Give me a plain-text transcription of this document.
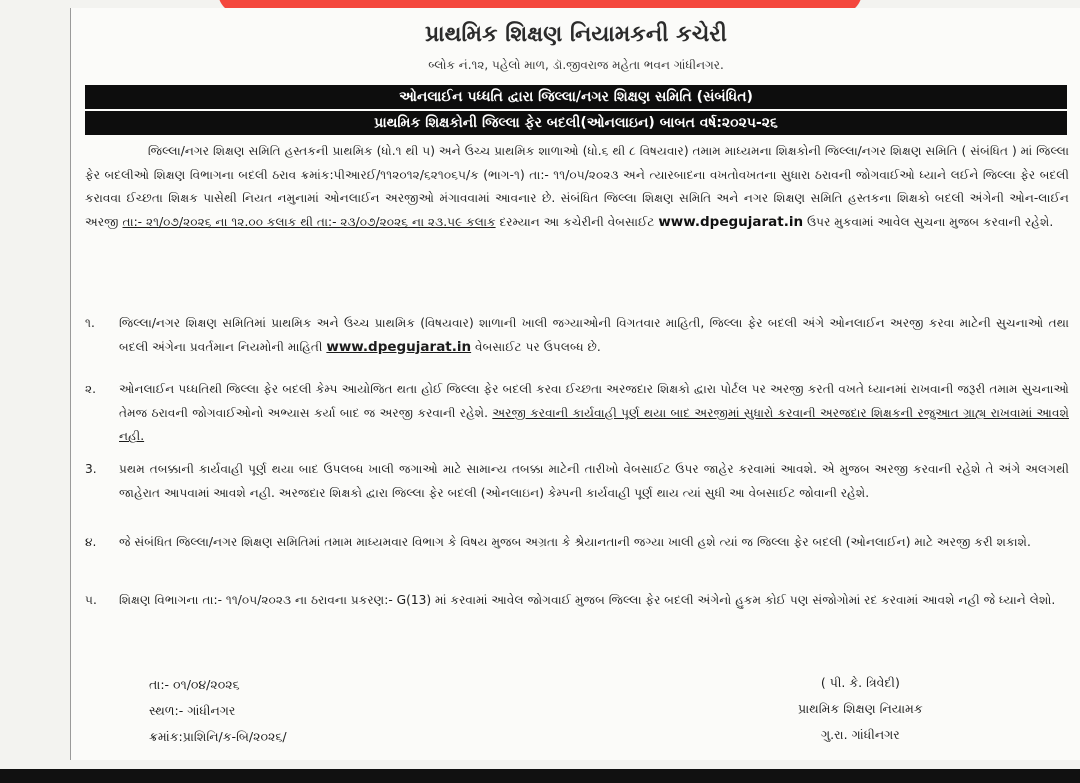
પ્રાથમિક શિક્ષણ નિયામકની કચેરી
બ્લોક નં.૧૨, પહેલો માળ, ડૉ.જીવરાજ મહેતા ભવન ગાંધીનગર.
ઓનલાઈન પધ્ધતિ દ્વારા જિલ્લા/નગર શિક્ષણ સમિતિ (સંબંધિત)
પ્રાથમિક શિક્ષકોની જિલ્લા ફેર બદલી(ઓનલાઇન) બાબત વર્ષ:૨૦૨૫-૨૬
જિલ્લા/નગર શિક્ષણ સમિતિ હસ્તકની પ્રાથમિક (ધો.૧ થી ૫) અને ઉચ્ચ પ્રાથમિક શાળાઓ (ધો.૬ થી ૮ વિષયવાર) તમામ માધ્યમના શિક્ષકોની જિલ્લા/નગર શિક્ષણ સમિતિ ( સંબંધિત ) માં જિલ્લા ફેર બદલીઓ શિક્ષણ વિભાગના બદલી ઠરાવ ક્રમાંક:પીઆરઈ/૧૧૨૦૧૨/૬૨૧૦૬૫/ક (ભાગ-૧) તા:- ૧૧/૦૫/૨૦૨૩ અને ત્યારબાદના વખતોવખતના સુધારા ઠરાવની જોગવાઈઓ ધ્યાને લઈને જિલ્લા ફેર બદલી કરાવવા ઈચ્છતા શિક્ષક પાસેથી નિયત નમુનામાં ઓનલાઈન અરજીઓ મંગાવવામાં આવનાર છે. સંબંધિત જિલ્લા શિક્ષણ સમિતિ અને નગર શિક્ષણ સમિતિ હસ્તકના શિક્ષકો બદલી અંગેની ઓન-લાઈન અરજી તા:- ૨૧/૦૭/૨૦૨૬ ના ૧૨.૦૦ કલાક થી તા:- ૨૩/૦૭/૨૦૨૬ ના ૨૩.૫૯ કલાક દરમ્યાન આ કચેરીની વેબસાઈટ www.dpegujarat.in ઉપર મુકવામાં આવેલ સુચના મુજબ કરવાની રહેશે.
૧.	જિલ્લા/નગર શિક્ષણ સમિતિમાં પ્રાથમિક અને ઉચ્ચ પ્રાથમિક (વિષયવાર) શાળાની ખાલી જગ્યાઓની વિગતવાર માહિતી, જિલ્લા ફેર બદલી અંગે ઓનલાઈન અરજી કરવા માટેની સુચનાઓ તથા બદલી અંગેના પ્રવર્તમાન નિયમોની માહિતી www.dpegujarat.in વેબસાઈટ પર ઉપલબ્ધ છે.
૨.	ઓનલાઈન પધ્ધતિથી જિલ્લા ફેર બદલી કેમ્પ આયોજિત થતા હોઈ જિલ્લા ફેર બદલી કરવા ઈચ્છતા અરજદાર શિક્ષકો દ્વારા પોર્ટલ પર અરજી કરતી વખતે ધ્યાનમાં રાખવાની જરૂરી તમામ સુચનાઓ તેમજ ઠરાવની જોગવાઈઓનો અભ્યાસ કર્યા બાદ જ અરજી કરવાની રહેશે. અરજી કરવાની કાર્યવાહી પૂર્ણ થયા બાદ અરજીમાં સુધારો કરવાની અરજદાર શિક્ષકની રજુઆત ગ્રાહ્ય રાખવામાં આવશે નહી.
3.	પ્રથમ તબક્કાની કાર્યવાહી પૂર્ણ થયા બાદ ઉપલબ્ધ ખાલી જગાઓ માટે સામાન્ય તબક્કા માટેની તારીખો વેબસાઈટ ઉપર જાહેર કરવામાં આવશે. એ મુજબ અરજી કરવાની રહેશે તે અંગે અલગથી જાહેરાત આપવામાં આવશે નહી. અરજદાર શિક્ષકો દ્વારા જિલ્લા ફેર બદલી (ઓનલાઇન) કેમ્પની કાર્યવાહી પૂર્ણ થાય ત્યાં સુધી આ વેબસાઈટ જોવાની રહેશે.
૪.	જે સંબંધિત જિલ્લા/નગર શિક્ષણ સમિતિમાં તમામ માધ્યમવાર વિભાગ કે વિષય મુજબ અગ્રતા કે શ્રેયાનતાની જગ્યા ખાલી હશે ત્યાં જ જિલ્લા ફેર બદલી (ઓનલાઈન) માટે અરજી કરી શકાશે.
૫.	શિક્ષણ વિભાગના તા:- ૧૧/૦૫/૨૦૨૩ ના ઠરાવના પ્રકરણ:- G(13) માં કરવામાં આવેલ જોગવાઈ મુજબ જિલ્લા ફેર બદલી અંગેનો હુકમ કોઈ પણ સંજોગોમાં રદ કરવામાં આવશે નહી જે ધ્યાને લેશો.
તા:- ૦૧/૦૪/૨૦૨૬
સ્થળ:- ગાંધીનગર
ક્રમાંક:પ્રાશિનિ/ક-બિ/૨૦૨૬/
( પી. કે. ત્રિવેદી)
પ્રાથમિક શિક્ષણ નિયામક
ગુ.રા. ગાંધીનગર
